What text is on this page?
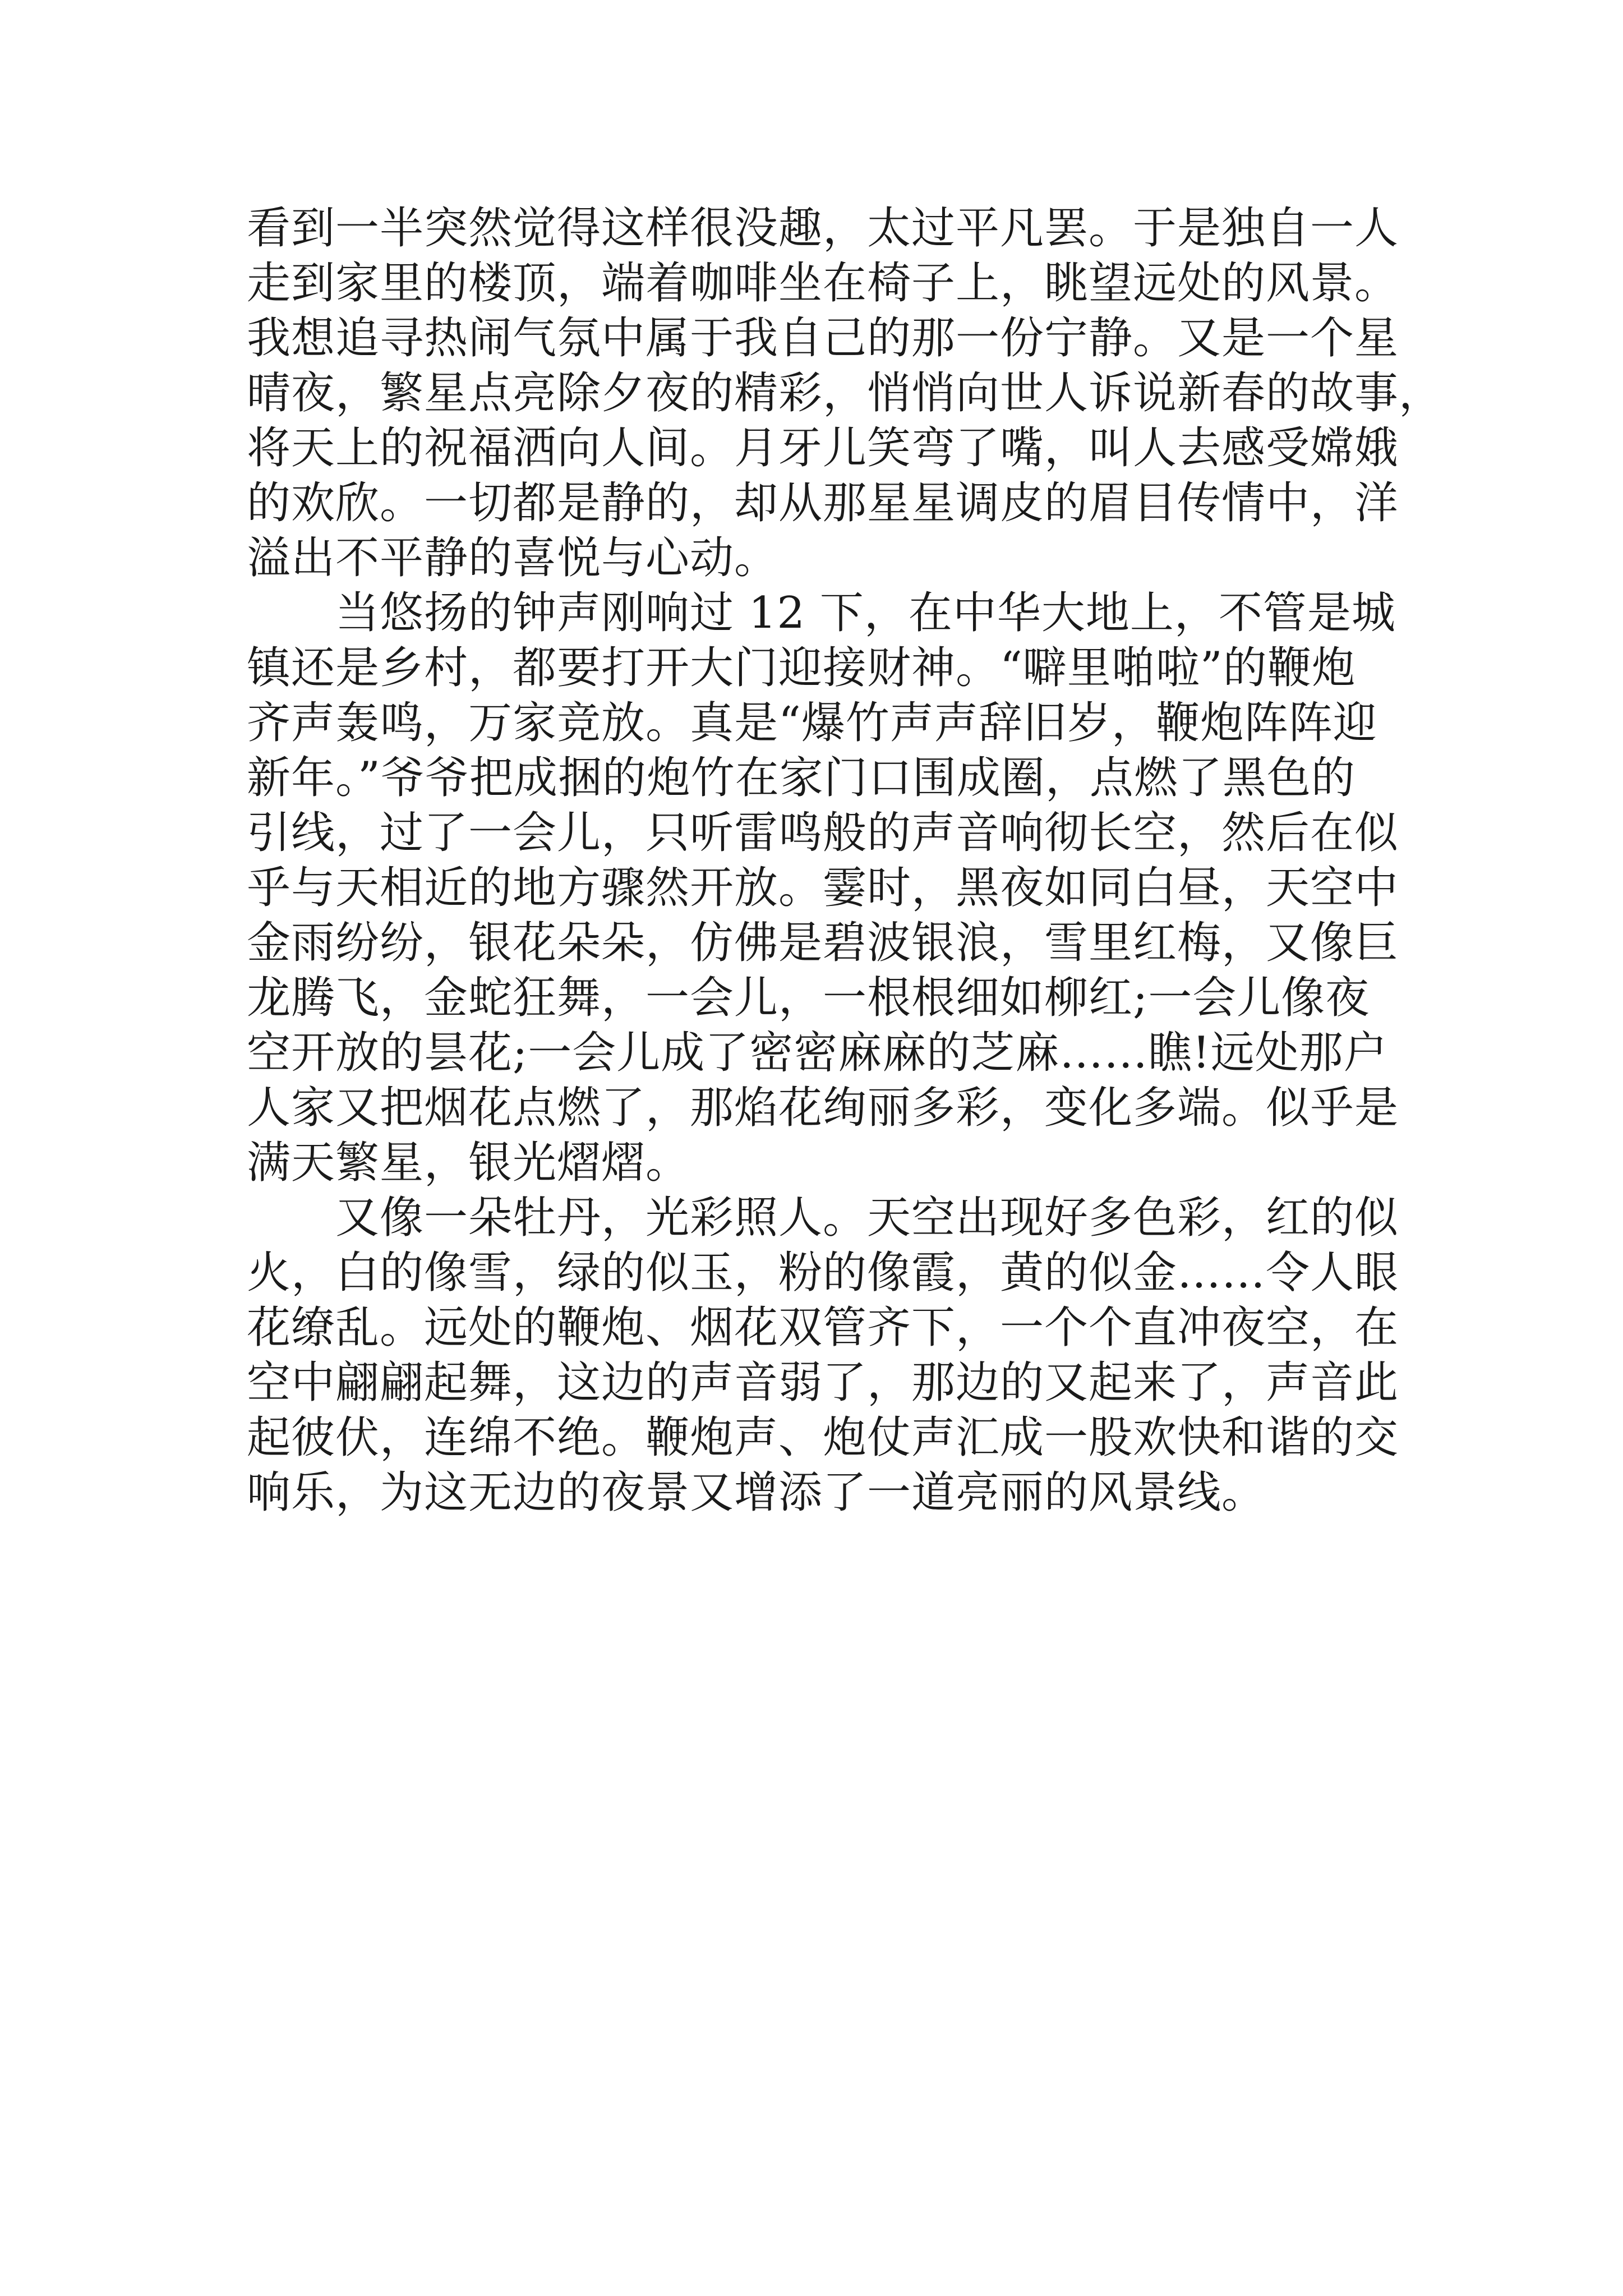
看到一半突然觉得这样很没趣，太过平凡罢。于是独自一人
走到家里的楼顶，端着咖啡坐在椅子上，眺望远处的风景。
我想追寻热闹气氛中属于我自己的那一份宁静。又是一个星
晴夜，繁星点亮除夕夜的精彩，悄悄向世人诉说新春的故事，
将天上的祝福洒向人间。月牙儿笑弯了嘴，叫人去感受嫦娥
的欢欣。一切都是静的，却从那星星调皮的眉目传情中，洋
溢出不平静的喜悦与心动。
　　当悠扬的钟声刚响过 12 下，在中华大地上，不管是城
镇还是乡村，都要打开大门迎接财神。“噼里啪啦”的鞭炮
齐声轰鸣，万家竞放。真是“爆竹声声辞旧岁，鞭炮阵阵迎
新年。”爷爷把成捆的炮竹在家门口围成圈，点燃了黑色的
引线，过了一会儿，只听雷鸣般的声音响彻长空，然后在似
乎与天相近的地方骤然开放。霎时，黑夜如同白昼，天空中
金雨纷纷，银花朵朵，仿佛是碧波银浪，雪里红梅，又像巨
龙腾飞，金蛇狂舞，一会儿，一根根细如柳红;一会儿像夜
空开放的昙花;一会儿成了密密麻麻的芝麻……瞧!远处那户
人家又把烟花点燃了，那焰花绚丽多彩，变化多端。似乎是
满天繁星，银光熠熠。
　　又像一朵牡丹，光彩照人。天空出现好多色彩，红的似
火，白的像雪，绿的似玉，粉的像霞，黄的似金……令人眼
花缭乱。远处的鞭炮、烟花双管齐下，一个个直冲夜空，在
空中翩翩起舞，这边的声音弱了，那边的又起来了，声音此
起彼伏，连绵不绝。鞭炮声、炮仗声汇成一股欢快和谐的交
响乐，为这无边的夜景又增添了一道亮丽的风景线。
